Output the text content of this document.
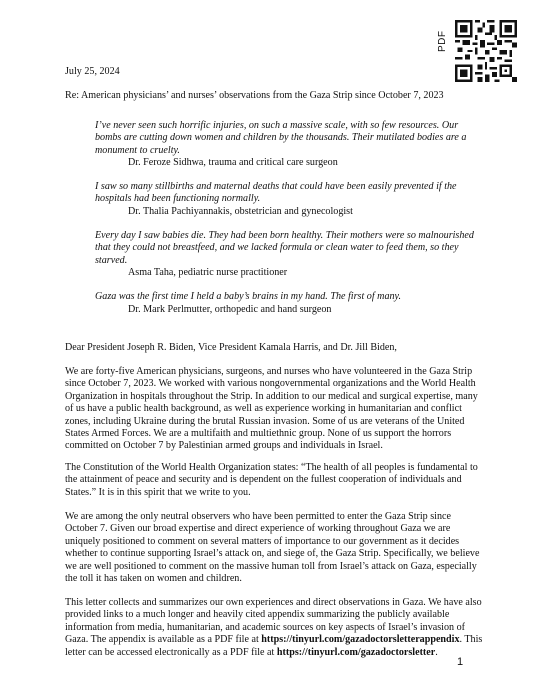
PDF

July 25, 2024

Re: American physicians’ and nurses’ observations from the Gaza Strip since October 7, 2023

I’ve never seen such horrific injuries, on such a massive scale, with so few resources. Our bombs are cutting down women and children by the thousands. Their mutilated bodies are a monument to cruelty.

Dr. Feroze Sidhwa, trauma and critical care surgeon

I saw so many stillbirths and maternal deaths that could have been easily prevented if the hospitals had been functioning normally.

Dr. Thalia Pachiyannakis, obstetrician and gynecologist

Every day I saw babies die. They had been born healthy. Their mothers were so malnourished that they could not breastfeed, and we lacked formula or clean water to feed them, so they starved.

Asma Taha, pediatric nurse practitioner

Gaza was the first time I held a baby’s brains in my hand. The first of many.

Dr. Mark Perlmutter, orthopedic and hand surgeon

Dear President Joseph R. Biden, Vice President Kamala Harris, and Dr. Jill Biden,

We are forty-five American physicians, surgeons, and nurses who have volunteered in the Gaza Strip since October 7, 2023. We worked with various nongovernmental organizations and the World Health Organization in hospitals throughout the Strip. In addition to our medical and surgical expertise, many of us have a public health background, as well as experience working in humanitarian and conflict zones, including Ukraine during the brutal Russian invasion. Some of us are veterans of the United States Armed Forces. We are a multifaith and multiethnic group. None of us support the horrors committed on October 7 by Palestinian armed groups and individuals in Israel.

The Constitution of the World Health Organization states: “The health of all peoples is fundamental to the attainment of peace and security and is dependent on the fullest cooperation of individuals and States.” It is in this spirit that we write to you.

We are among the only neutral observers who have been permitted to enter the Gaza Strip since October 7. Given our broad expertise and direct experience of working throughout Gaza we are uniquely positioned to comment on several matters of importance to our government as it decides whether to continue supporting Israel’s attack on, and siege of, the Gaza Strip. Specifically, we believe we are well positioned to comment on the massive human toll from Israel’s attack on Gaza, especially the toll it has taken on women and children.

This letter collects and summarizes our own experiences and direct observations in Gaza. We have also provided links to a much longer and heavily cited appendix summarizing the publicly available information from media, humanitarian, and academic sources on key aspects of Israel’s invasion of Gaza. The appendix is available as a PDF file at https://tinyurl.com/gazadoctorsletterappendix. This letter can be accessed electronically as a PDF file at https://tinyurl.com/gazadoctorsletter.

1
